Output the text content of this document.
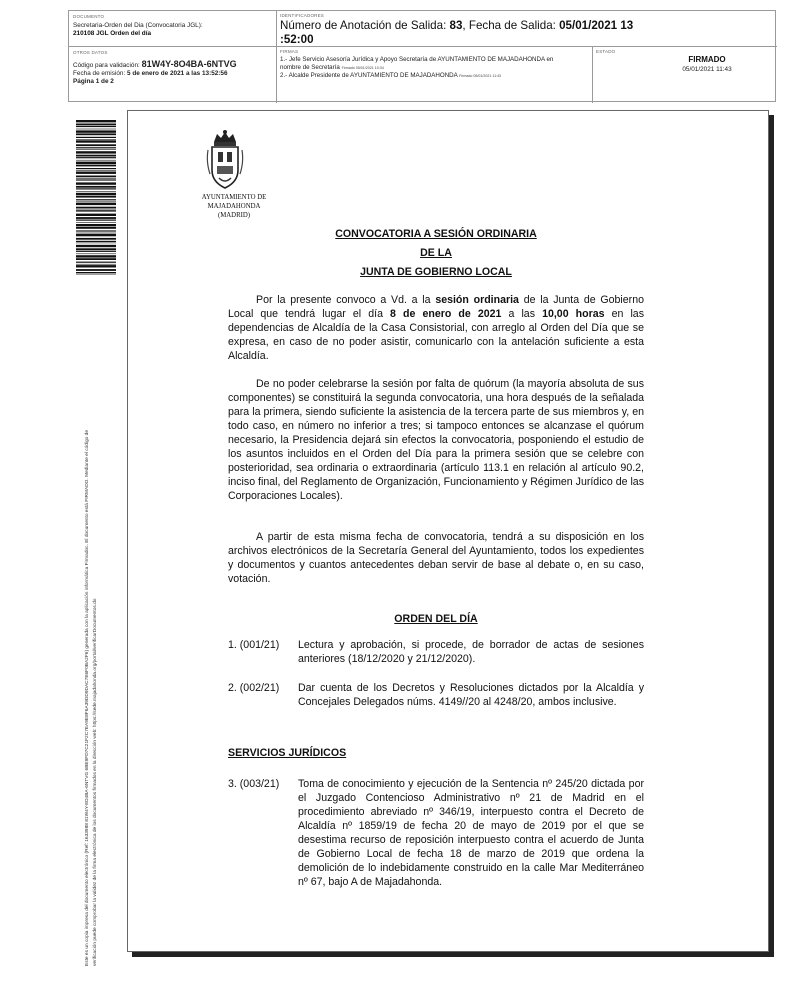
DOCUMENTO
Secretaria-Orden del Dia (Convocatoria JGL):
210108 JGL Orden del día
IDENTIFICADORES
Número de Anotación de Salida: 83, Fecha de Salida: 05/01/2021 13
:52:00
OTROS DATOS
Código para validación: 81W4Y-8O4BA-6NTVG
Fecha de emisión: 5 de enero de 2021 a las 13:52:56
Página 1 de 2
FIRMAS
1.- Jefe Servicio Asesoría Jurídica y Apoyo Secretaría de AYUNTAMIENTO DE MAJADAHONDA en
nombre de Secretaría Firmado 05/01/2021 10:34
2.- Alcalde Presidente de AYUNTAMIENTO DE MAJADAHONDA Firmado 05/01/2021 11:43
ESTADO
FIRMADO
05/01/2021 11:43
Este es un copia impresa del documento electrónico (Ref: 1633988 81W4Y-8O4BA-6NTVG 6BE9FD7C21F2C7EA9E8F6A39DD9DAC7E6F0BA2F6) generada con la aplicación informática Firmadoc. El documento está FIRMADO. Mediante el código de verificación puede comprobar la validez de la firma electrónica de los documentos firmados en la dirección web: https://sede.majadahonda.org/portal/verificarDocumentos.do
AYUNTAMIENTO DE
MAJADAHONDA
(MADRID)
CONVOCATORIA A SESIÓN ORDINARIA
DE LA
JUNTA DE GOBIERNO LOCAL
Por la presente convoco a Vd. a la sesión ordinaria de la Junta de Gobierno Local que tendrá lugar el día 8 de enero de 2021 a las 10,00 horas en las dependencias de Alcaldía de la Casa Consistorial, con arreglo al Orden del Día que se expresa, en caso de no poder asistir, comunicarlo con la antelación suficiente a esta Alcaldía.
De no poder celebrarse la sesión por falta de quórum (la mayoría absoluta de sus componentes) se constituirá la segunda convocatoria, una hora después de la señalada para la primera, siendo suficiente la asistencia de la tercera parte de sus miembros y, en todo caso, en número no inferior a tres; si tampoco entonces se alcanzase el quórum necesario, la Presidencia dejará sin efectos la convocatoria, posponiendo el estudio de los asuntos incluidos en el Orden del Día para la primera sesión que se celebre con posterioridad, sea ordinaria o extraordinaria (artículo 113.1 en relación al artículo 90.2, inciso final, del Reglamento de Organización, Funcionamiento y Régimen Jurídico de las Corporaciones Locales).
A partir de esta misma fecha de convocatoria, tendrá a su disposición en los archivos electrónicos de la Secretaría General del Ayuntamiento, todos los expedientes y documentos y cuantos antecedentes deban servir de base al debate o, en su caso, votación.
ORDEN DEL DÍA
1. (001/21) Lectura y aprobación, si procede, de borrador de actas de sesiones anteriores (18/12/2020 y 21/12/2020).
2. (002/21) Dar cuenta de los Decretos y Resoluciones dictados por la Alcaldía y Concejales Delegados núms. 4149//20 al 4248/20, ambos inclusive.
SERVICIOS JURÍDICOS
3. (003/21) Toma de conocimiento y ejecución de la Sentencia nº 245/20 dictada por el Juzgado Contencioso Administrativo nº 21 de Madrid en el procedimiento abreviado nº 346/19, interpuesto contra el Decreto de Alcaldía nº 1859/19 de fecha 20 de mayo de 2019 por el que se desestima recurso de reposición interpuesto contra el acuerdo de Junta de Gobierno Local de fecha 18 de marzo de 2019 que ordena la demolición de lo indebidamente construido en la calle Mar Mediterráneo nº 67, bajo A de Majadahonda.
